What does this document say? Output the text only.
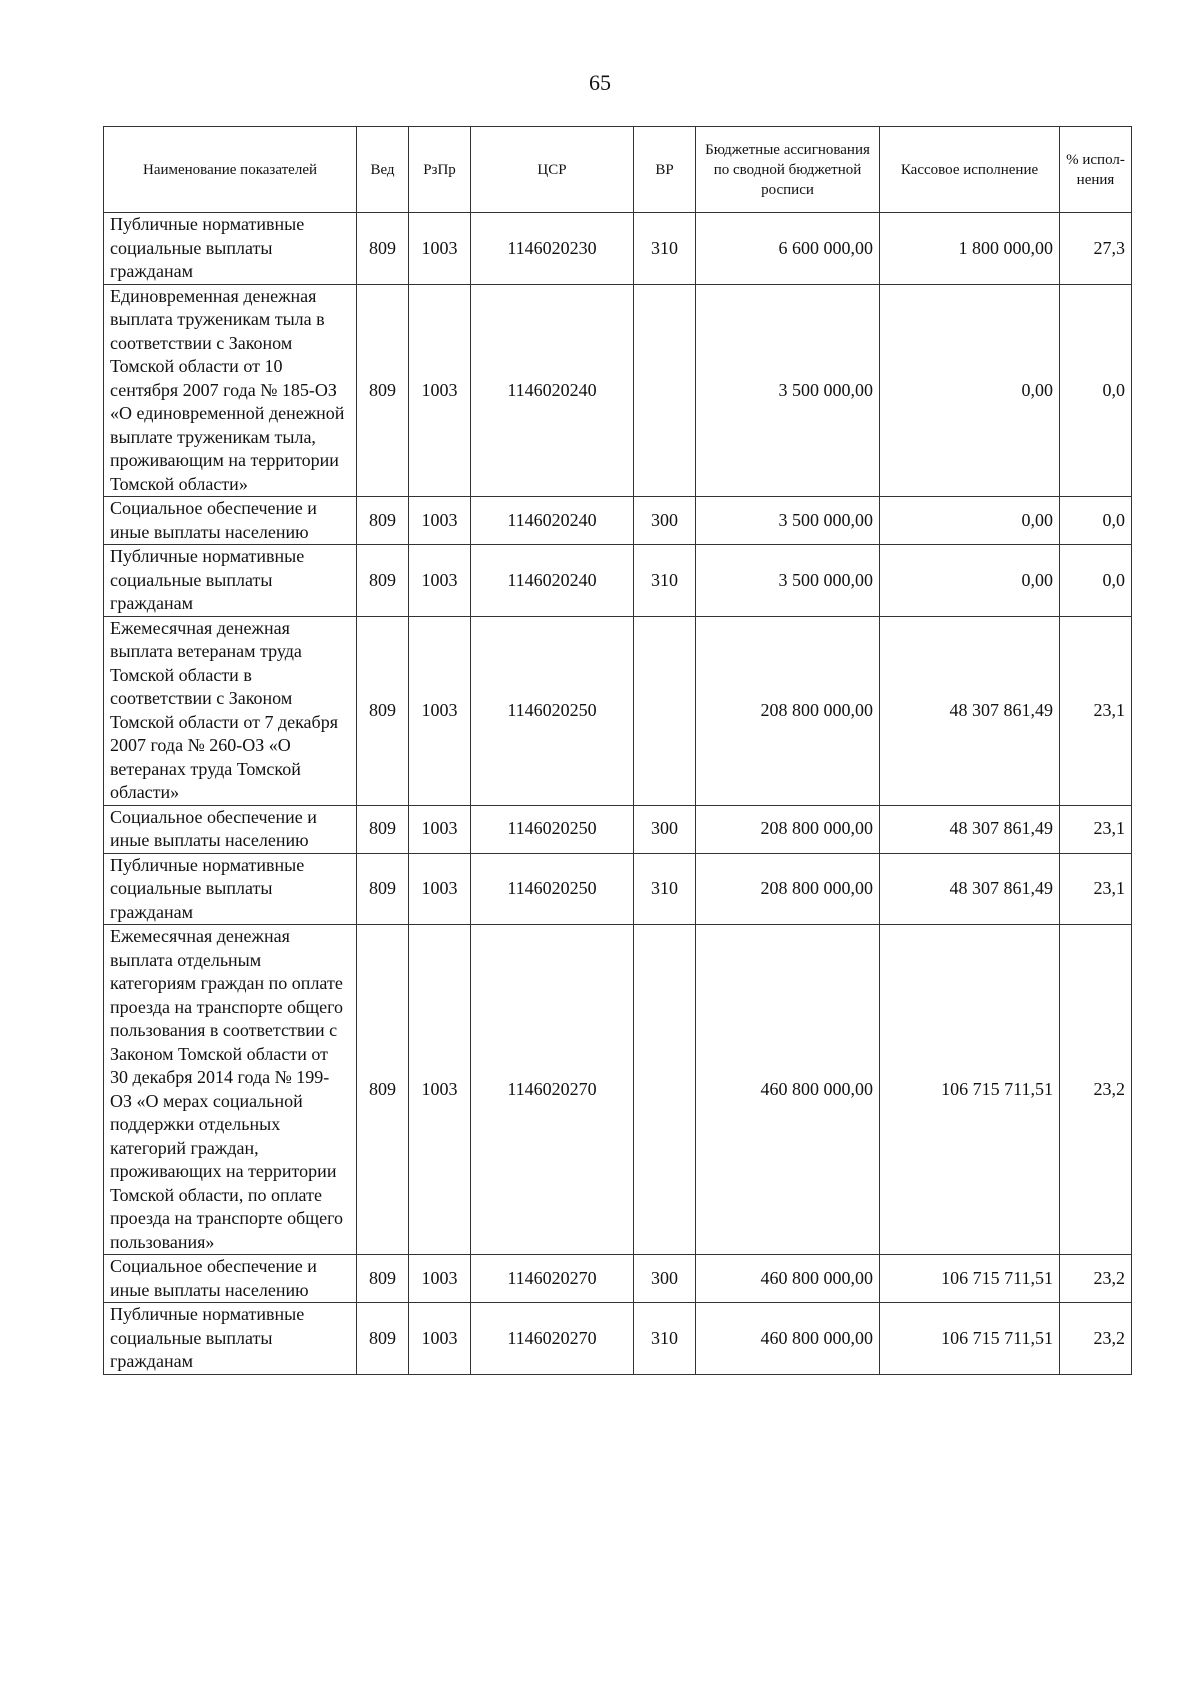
65
Наименование показателей	Вед	РзПр	ЦСР	ВР	Бюджетные ассигнования по сводной бюджетной росписи	Кассовое исполнение	% испол-нения
Публичные нормативные социальные выплаты гражданам	809	1003	1146020230	310	6 600 000,00	1 800 000,00	27,3
Единовременная денежная выплата труженикам тыла в соответствии с Законом Томской области от 10 сентября 2007 года № 185-ОЗ «О единовременной денежной выплате труженикам тыла, проживающим на территории Томской области»	809	1003	1146020240		3 500 000,00	0,00	0,0
Социальное обеспечение и иные выплаты населению	809	1003	1146020240	300	3 500 000,00	0,00	0,0
Публичные нормативные социальные выплаты гражданам	809	1003	1146020240	310	3 500 000,00	0,00	0,0
Ежемесячная денежная выплата ветеранам труда Томской области в соответствии с Законом Томской области от 7 декабря 2007 года № 260-ОЗ «О ветеранах труда Томской области»	809	1003	1146020250		208 800 000,00	48 307 861,49	23,1
Социальное обеспечение и иные выплаты населению	809	1003	1146020250	300	208 800 000,00	48 307 861,49	23,1
Публичные нормативные социальные выплаты гражданам	809	1003	1146020250	310	208 800 000,00	48 307 861,49	23,1
Ежемесячная денежная выплата отдельным категориям граждан по оплате проезда на транспорте общего пользования в соответствии с Законом Томской области от 30 декабря 2014 года № 199-ОЗ «О мерах социальной поддержки отдельных категорий граждан, проживающих на территории Томской области, по оплате проезда на транспорте общего пользования»	809	1003	1146020270		460 800 000,00	106 715 711,51	23,2
Социальное обеспечение и иные выплаты населению	809	1003	1146020270	300	460 800 000,00	106 715 711,51	23,2
Публичные нормативные социальные выплаты гражданам	809	1003	1146020270	310	460 800 000,00	106 715 711,51	23,2
